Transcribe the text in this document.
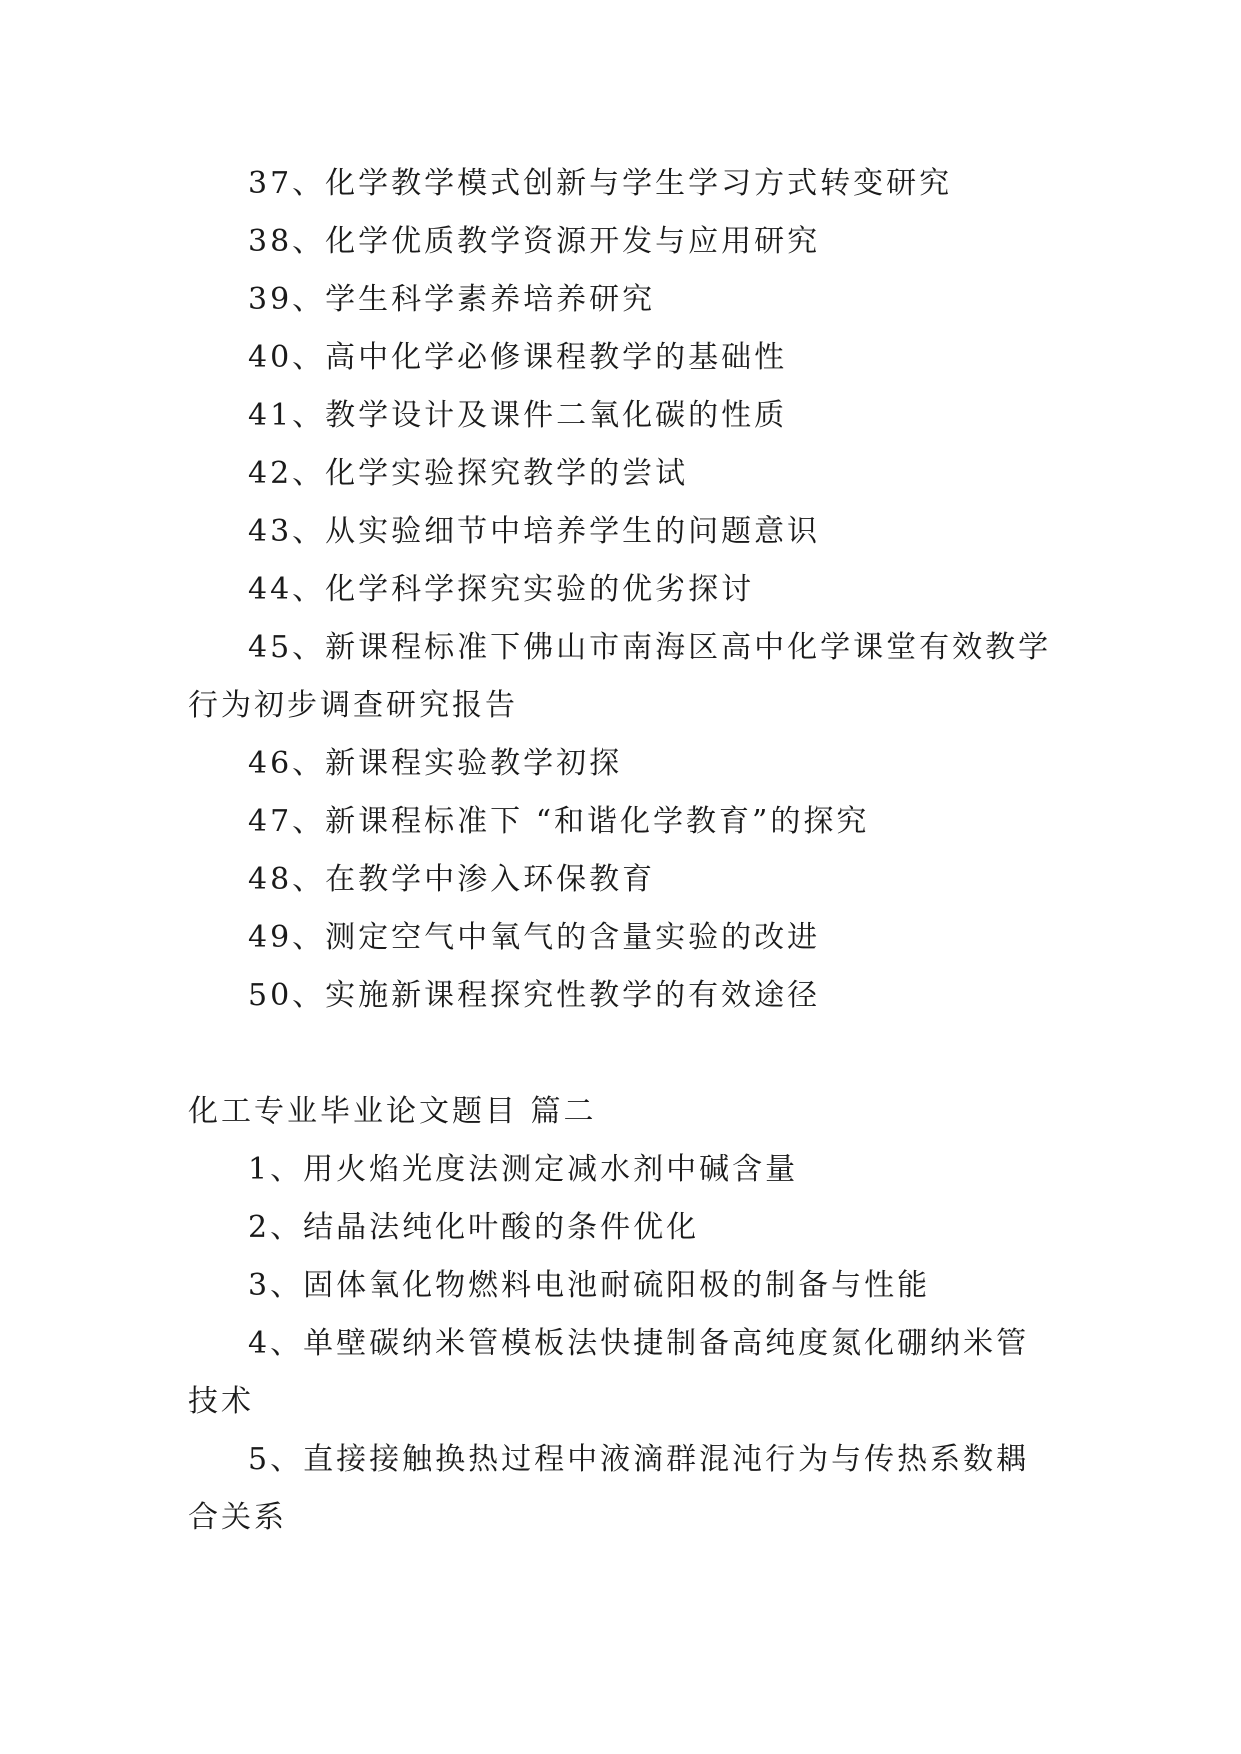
37、化学教学模式创新与学生学习方式转变研究
38、化学优质教学资源开发与应用研究
39、学生科学素养培养研究
40、高中化学必修课程教学的基础性
41、教学设计及课件二氧化碳的性质
42、化学实验探究教学的尝试
43、从实验细节中培养学生的问题意识
44、化学科学探究实验的优劣探讨
45、新课程标准下佛山市南海区高中化学课堂有效教学
行为初步调查研究报告
46、新课程实验教学初探
47、新课程标准下 “和谐化学教育”的探究
48、在教学中渗入环保教育
49、测定空气中氧气的含量实验的改进
50、实施新课程探究性教学的有效途径
化工专业毕业论文题目 篇二
1、用火焰光度法测定减水剂中碱含量
2、结晶法纯化叶酸的条件优化
3、固体氧化物燃料电池耐硫阳极的制备与性能
4、单壁碳纳米管模板法快捷制备高纯度氮化硼纳米管
技术
5、直接接触换热过程中液滴群混沌行为与传热系数耦
合关系
